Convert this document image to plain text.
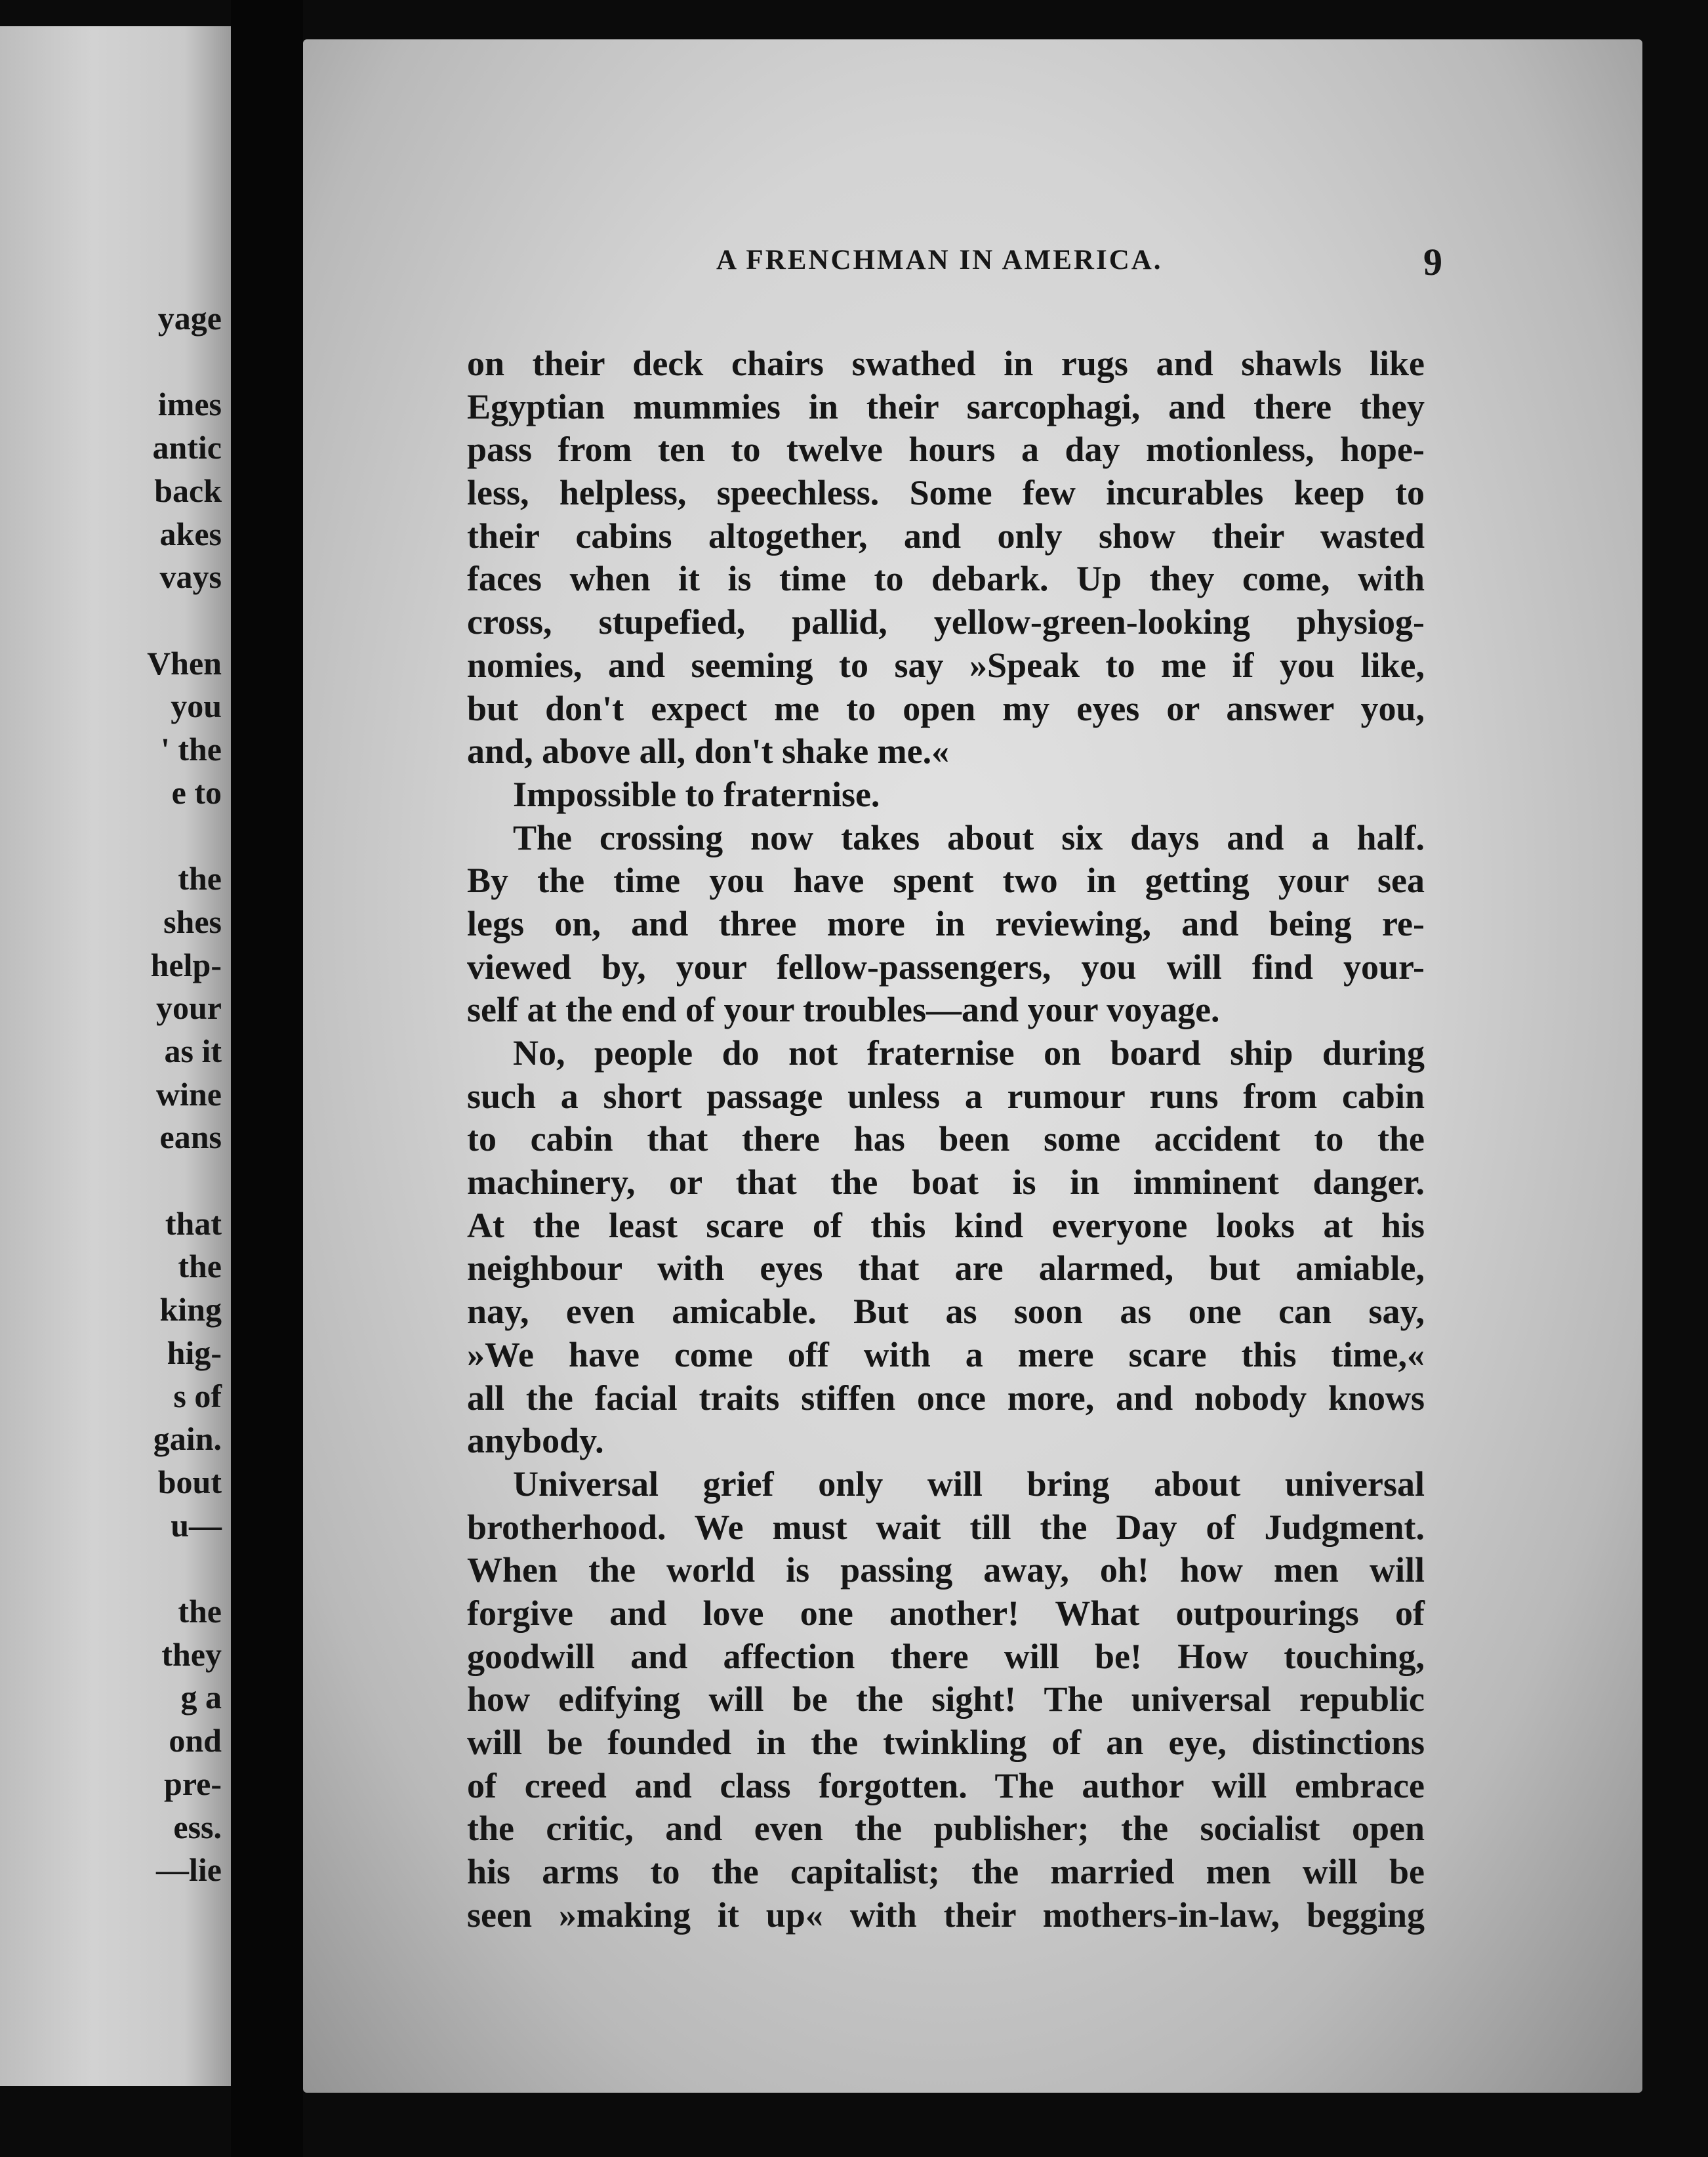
yage
imes
antic
back
akes
vays
Vhen
you
' the
e to
the
shes
help-
your
as it
wine
eans
that
the
king
hig-
s of
gain.
bout
u—
the
they
g a
ond
pre-
ess.
—lie
A FRENCHMAN IN AMERICA.	9
on their deck chairs swathed in rugs and shawls like
Egyptian mummies in their sarcophagi, and there they
pass from ten to twelve hours a day motionless, hope-
less, helpless, speechless. Some few incurables keep to
their cabins altogether, and only show their wasted
faces when it is time to debark. Up they come, with
cross, stupefied, pallid, yellow-green-looking physiog-
nomies, and seeming to say »Speak to me if you like,
but don't expect me to open my eyes or answer you,
and, above all, don't shake me.«
Impossible to fraternise.
The crossing now takes about six days and a half.
By the time you have spent two in getting your sea
legs on, and three more in reviewing, and being re-
viewed by, your fellow-passengers, you will find your-
self at the end of your troubles—and your voyage.
No, people do not fraternise on board ship during
such a short passage unless a rumour runs from cabin
to cabin that there has been some accident to the
machinery, or that the boat is in imminent danger.
At the least scare of this kind everyone looks at his
neighbour with eyes that are alarmed, but amiable,
nay, even amicable. But as soon as one can say,
»We have come off with a mere scare this time,«
all the facial traits stiffen once more, and nobody knows
anybody.
Universal grief only will bring about universal
brotherhood. We must wait till the Day of Judgment.
When the world is passing away, oh! how men will
forgive and love one another! What outpourings of
goodwill and affection there will be! How touching,
how edifying will be the sight! The universal republic
will be founded in the twinkling of an eye, distinctions
of creed and class forgotten. The author will embrace
the critic, and even the publisher; the socialist open
his arms to the capitalist; the married men will be
seen »making it up« with their mothers-in-law, begging
